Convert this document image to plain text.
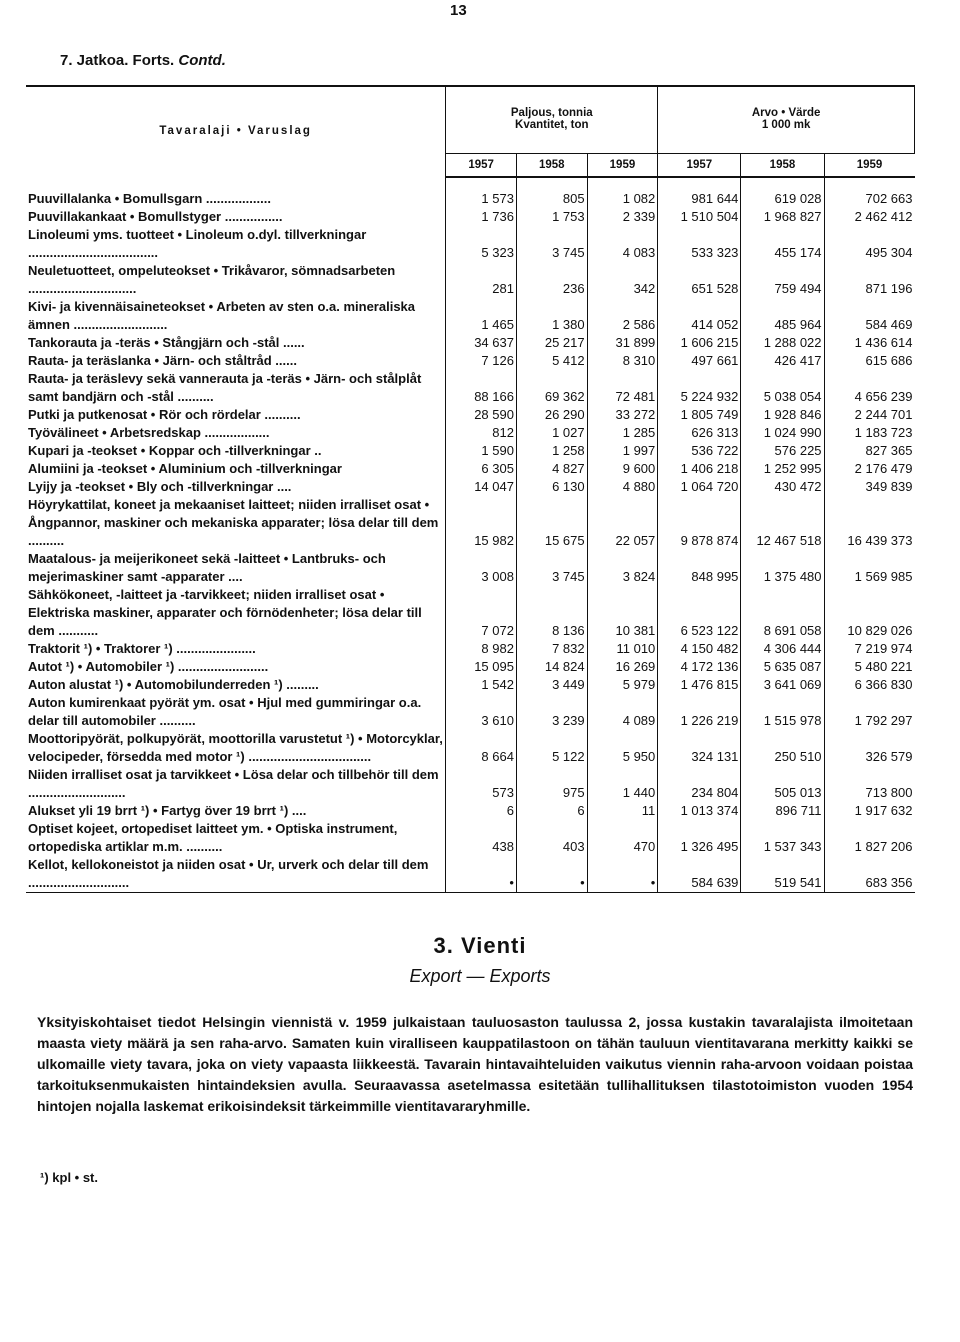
13
7. Jatkoa. Forts. Contd.
Tavaralaji • Varuslag	Paljous, tonnia
Kvantitet, ton			Arvo • Värde
1 000 mk		
	1957	1958	1959	1957	1958	1959
Puuvillalanka • Bomullsgarn ..................	1 573	805	1 082	981 644	619 028	702 663
Puuvillakankaat • Bomullstyger ................	1 736	1 753	2 339	1 510 504	1 968 827	2 462 412
Linoleumi yms. tuotteet • Linoleum o.dyl. tillverkningar ....................................	5 323	3 745	4 083	533 323	455 174	495 304
Neuletuotteet, ompeluteokset • Trikåvaror, sömnadsarbeten ..............................	281	236	342	651 528	759 494	871 196
Kivi- ja kivennäisaineteokset • Arbeten av sten o.a. mineraliska ämnen ..........................	1 465	1 380	2 586	414 052	485 964	584 469
Tankorauta ja -teräs • Stångjärn och -stål ......	34 637	25 217	31 899	1 606 215	1 288 022	1 436 614
Rauta- ja teräslanka • Järn- och ståltråd ......	7 126	5 412	8 310	497 661	426 417	615 686
Rauta- ja teräslevy sekä vannerauta ja -teräs • Järn- och stålplåt samt bandjärn och -stål ..........	88 166	69 362	72 481	5 224 932	5 038 054	4 656 239
Putki ja putkenosat • Rör och rördelar ..........	28 590	26 290	33 272	1 805 749	1 928 846	2 244 701
Työvälineet • Arbetsredskap ..................	812	1 027	1 285	626 313	1 024 990	1 183 723
Kupari ja -teokset • Koppar och -tillverkningar ..	1 590	1 258	1 997	536 722	576 225	827 365
Alumiini ja -teokset • Aluminium och -tillverkningar	6 305	4 827	9 600	1 406 218	1 252 995	2 176 479
Lyijy ja -teokset • Bly och -tillverkningar ....	14 047	6 130	4 880	1 064 720	430 472	349 839
Höyrykattilat, koneet ja mekaaniset laitteet; niiden irralliset osat • Ångpannor, maskiner och mekaniska apparater; lösa delar till dem ..........	15 982	15 675	22 057	9 878 874	12 467 518	16 439 373
Maatalous- ja meijerikoneet sekä -laitteet • Lantbruks- och mejerimaskiner samt -apparater ....	3 008	3 745	3 824	848 995	1 375 480	1 569 985
Sähkökoneet, -laitteet ja -tarvikkeet; niiden irralliset osat • Elektriska maskiner, apparater och förnödenheter; lösa delar till dem ...........	7 072	8 136	10 381	6 523 122	8 691 058	10 829 026
Traktorit ¹) • Traktorer ¹) ......................	8 982	7 832	11 010	4 150 482	4 306 444	7 219 974
Autot ¹) • Automobiler ¹) .........................	15 095	14 824	16 269	4 172 136	5 635 087	5 480 221
Auton alustat ¹) • Automobilunderreden ¹) .........	1 542	3 449	5 979	1 476 815	3 641 069	6 366 830
Auton kumirenkaat pyörät ym. osat • Hjul med gummiringar o.a. delar till automobiler ..........	3 610	3 239	4 089	1 226 219	1 515 978	1 792 297
Moottoripyörät, polkupyörät, moottorilla varustetut ¹) • Motorcyklar, velocipeder, försedda med motor ¹) ..................................	8 664	5 122	5 950	324 131	250 510	326 579
Niiden irralliset osat ja tarvikkeet • Lösa delar och tillbehör till dem ...........................	573	975	1 440	234 804	505 013	713 800
Alukset yli 19 brrt ¹) • Fartyg över 19 brrt ¹) ....	6	6	11	1 013 374	896 711	1 917 632
Optiset kojeet, ortopediset laitteet ym. • Optiska instrument, ortopediska artiklar m.m. ..........	438	403	470	1 326 495	1 537 343	1 827 206
Kellot, kellokoneistot ja niiden osat • Ur, urverk och delar till dem ............................	•	•	•	584 639	519 541	683 356
3. Vienti
Export — Exports

Yksityiskohtaiset tiedot Helsingin viennistä v. 1959 julkaistaan tauluosaston taulussa 2, jossa kustakin tavaralajista ilmoitetaan maasta viety määrä ja sen raha-arvo. Samaten kuin viralliseen kauppatilastoon on tähän tauluun vientitavarana merkitty kaikki se ulkomaille viety tavara, joka on viety vapaasta liikkeestä. Tavarain hintavaihteluiden vaikutus viennin raha-arvoon voidaan poistaa tarkoituksenmukaisten hintaindeksien avulla. Seuraavassa asetelmassa esitetään tullihallituksen tilastotoimiston vuoden 1954 hintojen nojalla laskemat erikoisindeksit tärkeimmille vientitavararyhmille.

¹) kpl • st.
